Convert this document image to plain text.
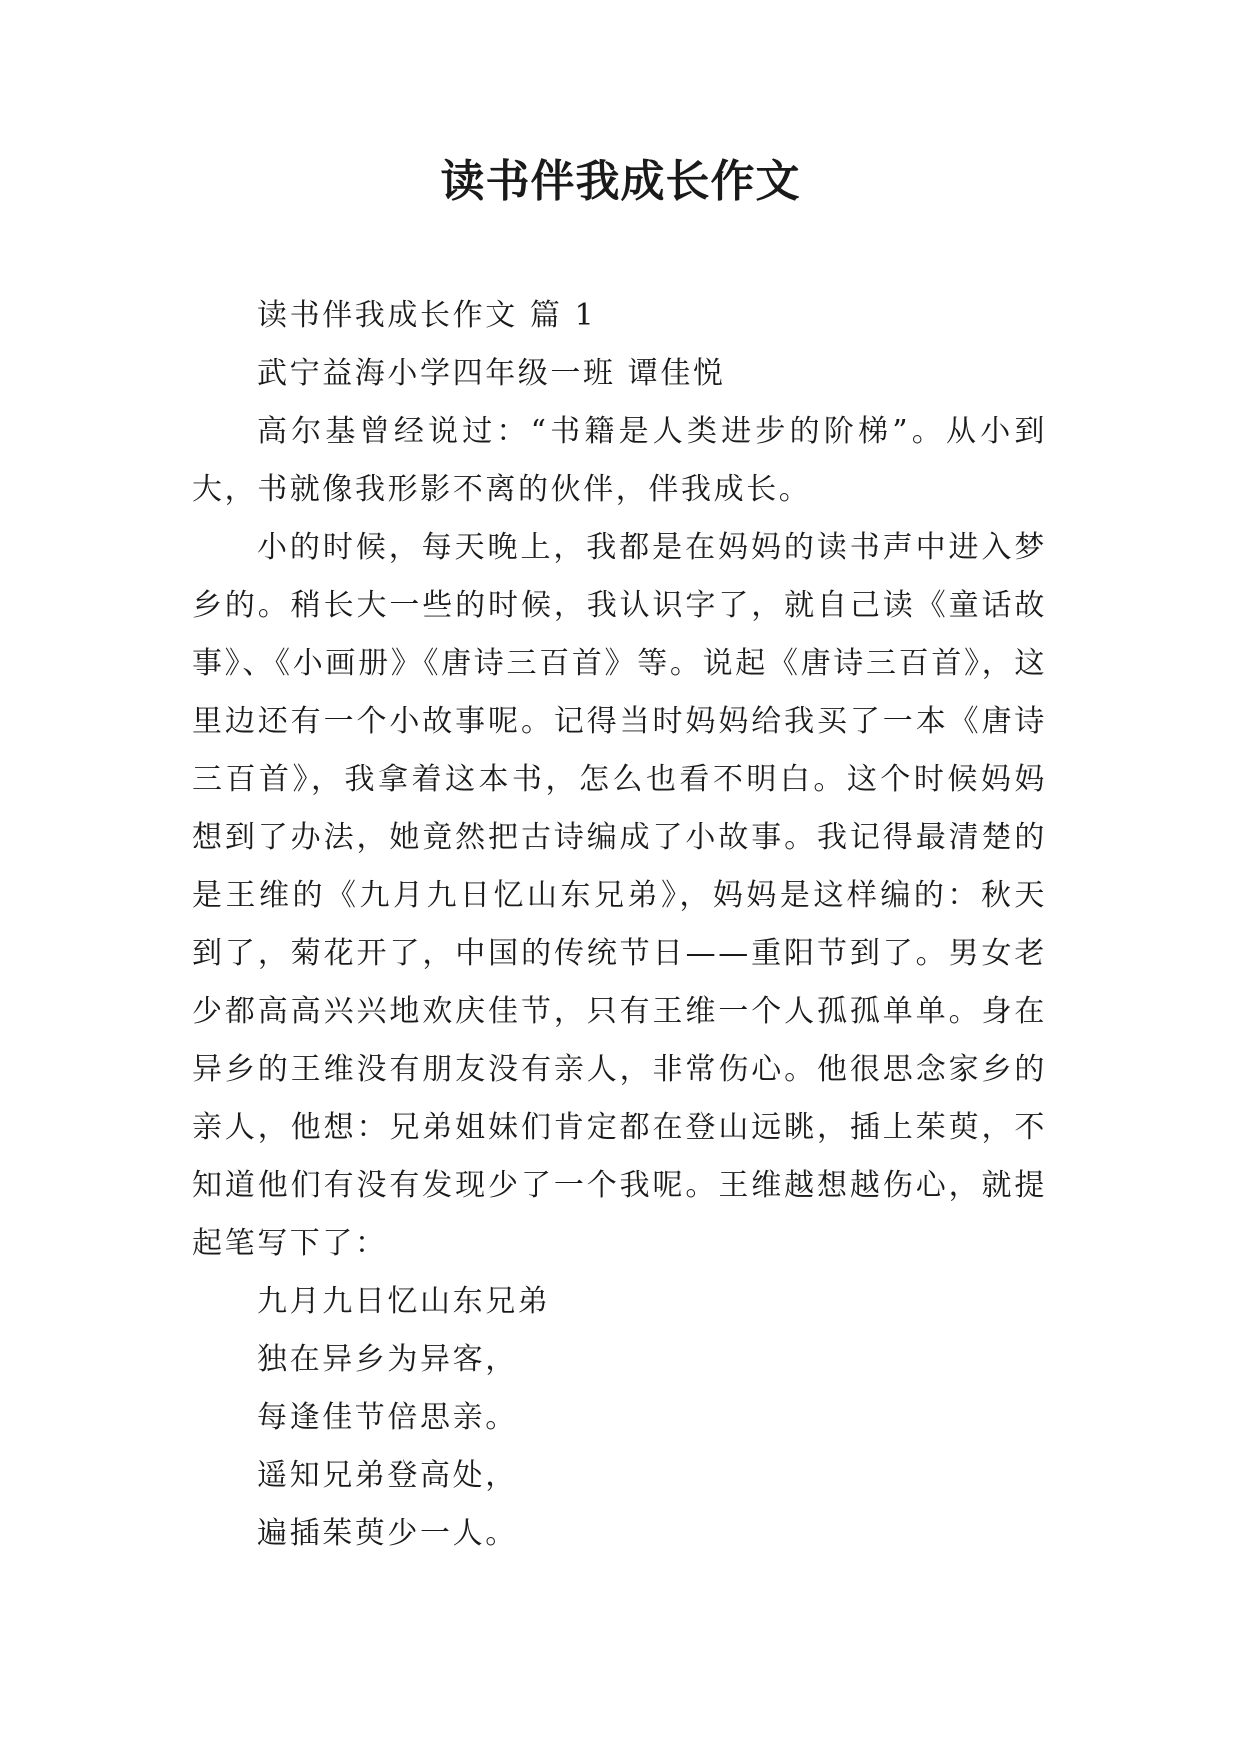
读书伴我成长作文

读书伴我成长作文 篇 1

武宁益海小学四年级一班 谭佳悦

高尔基曾经说过：“书籍是人类进步的阶梯”。从小到大，书就像我形影不离的伙伴，伴我成长。

小的时候，每天晚上，我都是在妈妈的读书声中进入梦乡的。稍长大一些的时候，我认识字了，就自己读《童话故事》、《小画册》《唐诗三百首》等。说起《唐诗三百首》，这里边还有一个小故事呢。记得当时妈妈给我买了一本《唐诗三百首》，我拿着这本书，怎么也看不明白。这个时候妈妈想到了办法，她竟然把古诗编成了小故事。我记得最清楚的是王维的《九月九日忆山东兄弟》，妈妈是这样编的：秋天到了，菊花开了，中国的传统节日——重阳节到了。男女老少都高高兴兴地欢庆佳节，只有王维一个人孤孤单单。身在异乡的王维没有朋友没有亲人，非常伤心。他很思念家乡的亲人，他想：兄弟姐妹们肯定都在登山远眺，插上茱萸，不知道他们有没有发现少了一个我呢。王维越想越伤心，就提起笔写下了：

九月九日忆山东兄弟

独在异乡为异客，

每逢佳节倍思亲。

遥知兄弟登高处，

遍插茱萸少一人。
